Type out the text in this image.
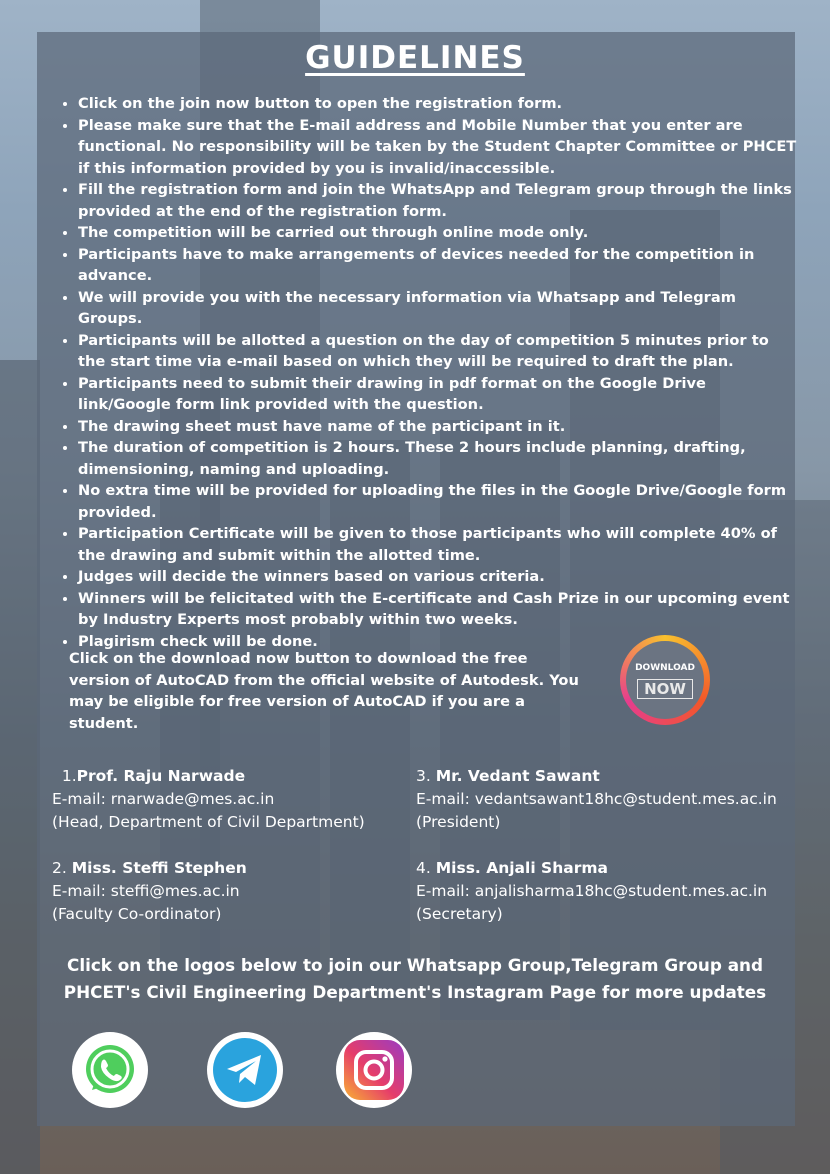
GUIDELINES
• Click on the join now button to open the registration form.
• Please make sure that the E-mail address and Mobile Number that you enter are functional. No responsibility will be taken by the Student Chapter Committee or PHCET if this information provided by you is invalid/inaccessible.
• Fill the registration form and join the WhatsApp and Telegram group through the links provided at the end of the registration form.
• The competition will be carried out through online mode only.
• Participants have to make arrangements of devices needed for the competition in advance.
• We will provide you with the necessary information via Whatsapp and Telegram Groups.
• Participants will be allotted a question on the day of competition 5 minutes prior to the start time via e-mail based on which they will be required to draft the plan.
• Participants need to submit their drawing in pdf format on the Google Drive link/Google form link provided with the question.
• The drawing sheet must have name of the participant in it.
• The duration of competition is 2 hours. These 2 hours include planning, drafting, dimensioning, naming and uploading.
• No extra time will be provided for uploading the files in the Google Drive/Google form provided.
• Participation Certificate will be given to those participants who will complete 40% of the drawing and submit within the allotted time.
• Judges will decide the winners based on various criteria.
• Winners will be felicitated with the E-certificate and Cash Prize in our upcoming event by Industry Experts most probably within two weeks.
• Plagirism check will be done.
Click on the download now button to download the free version of AutoCAD from the official website of Autodesk. You may be eligible for free version of AutoCAD if you are a student.
DOWNLOAD
NOW
1.Prof. Raju Narwade
E-mail: rnarwade@mes.ac.in
(Head, Department of Civil Department)
2. Miss. Steffi Stephen
E-mail: steffi@mes.ac.in
(Faculty Co-ordinator)
3. Mr. Vedant Sawant
E-mail: vedantsawant18hc@student.mes.ac.in
(President)
4. Miss. Anjali Sharma
E-mail: anjalisharma18hc@student.mes.ac.in
(Secretary)
Click on the logos below to join our Whatsapp Group,Telegram Group and
PHCET's Civil Engineering Department's Instagram Page for more updates
